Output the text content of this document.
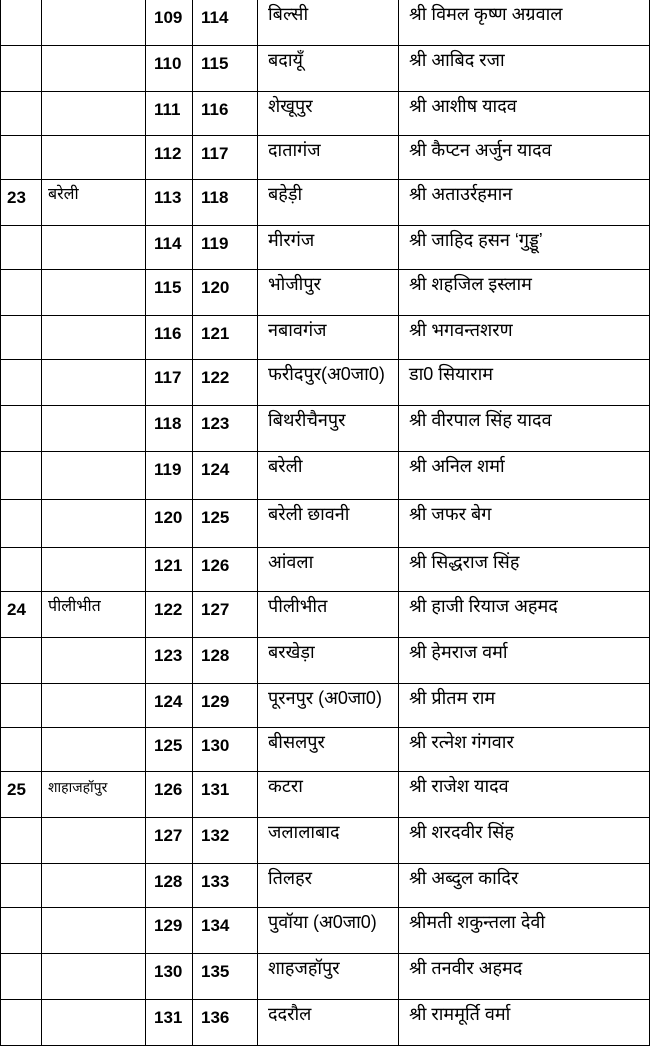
		109	114	बिल्सी	श्री विमल कृष्ण अग्रवाल
		110	115	बदायूँ	श्री आबिद रजा
		111	116	शेखूपुर	श्री आशीष यादव
		112	117	दातागंज	श्री कैप्टन अर्जुन यादव
23	बरेली	113	118	बहेड़ी	श्री अताउर्रहमान
		114	119	मीरगंज	श्री जाहिद हसन ‘गुड्डू’
		115	120	भोजीपुर	श्री शहजिल इस्लाम
		116	121	नबावगंज	श्री भगवन्तशरण
		117	122	फरीदपुर(अ0जा0)	डा0 सियाराम
		118	123	बिथरीचैनपुर	श्री वीरपाल सिंह यादव
		119	124	बरेली	श्री अनिल शर्मा
		120	125	बरेली छावनी	श्री जफर बेग
		121	126	आंवला	श्री सिद्धराज सिंह
24	पीलीभीत	122	127	पीलीभीत	श्री हाजी रियाज अहमद
		123	128	बरखेड़ा	श्री हेमराज वर्मा
		124	129	पूरनपुर (अ0जा0)	श्री प्रीतम राम
		125	130	बीसलपुर	श्री रत्नेश गंगवार
25	शाहाजहॉपुर	126	131	कटरा	श्री राजेश यादव
		127	132	जलालाबाद	श्री शरदवीर सिंह
		128	133	तिलहर	श्री अब्दुल कादिर
		129	134	पुवॉया (अ0जा0)	श्रीमती शकुन्तला देवी
		130	135	शाहजहॉपुर	श्री तनवीर अहमद
		131	136	ददरौल	श्री राममूर्ति वर्मा
